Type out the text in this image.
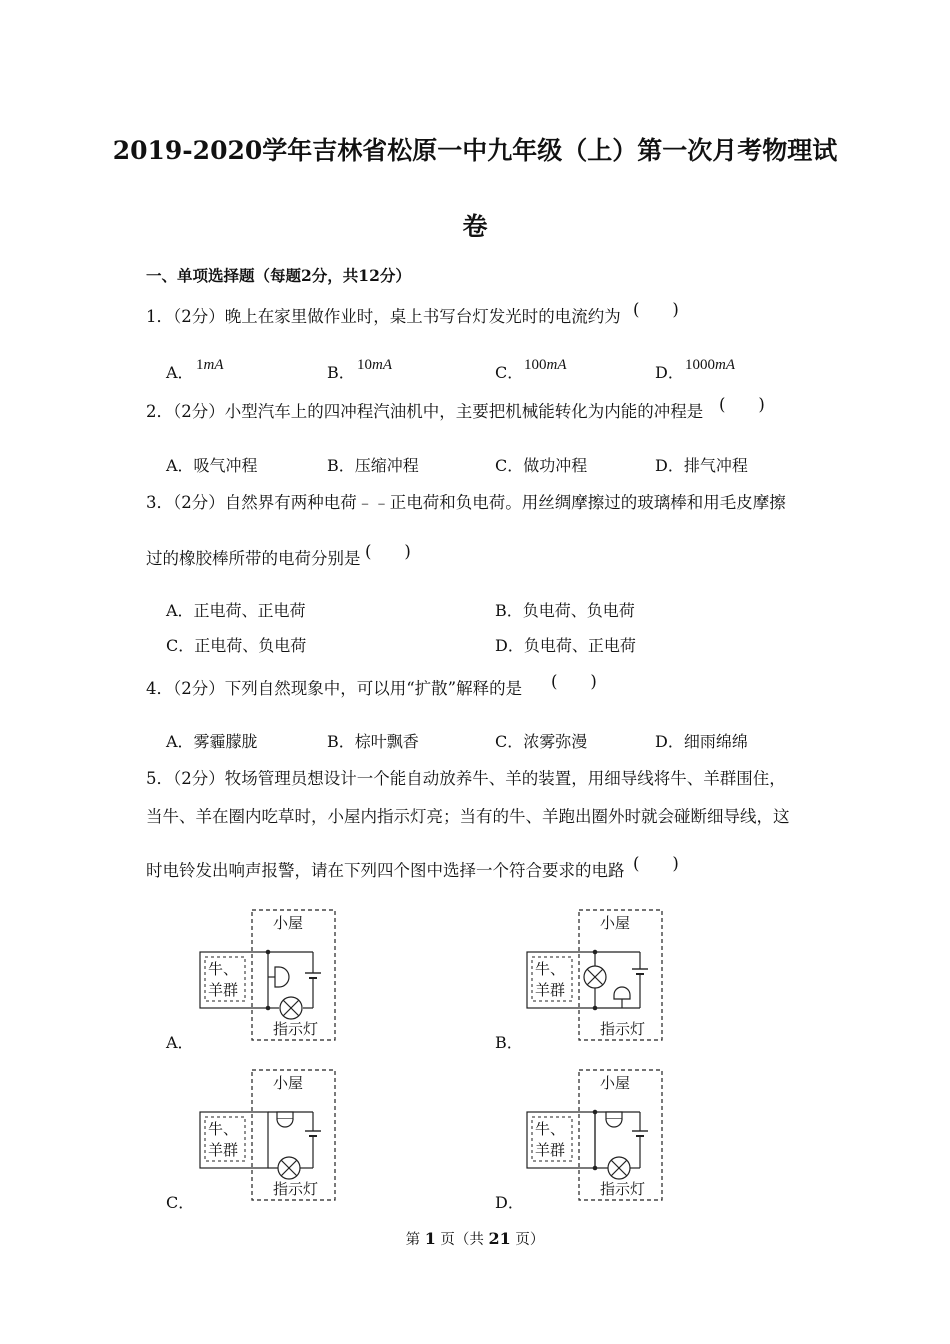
2019-2020学年吉林省松原一中九年级（上）第一次月考物理试
卷
一、单项选择题（每题2分，共12分）
1．（2分）晚上在家里做作业时，桌上书写台灯发光时的电流约为 (　　)
A． 1mA	B． 10mA	C． 100mA	D． 1000mA
2．（2分）小型汽车上的四冲程汽油机中，主要把机械能转化为内能的冲程是 (　　)
A．吸气冲程	B．压缩冲程	C．做功冲程	D．排气冲程
3．（2分）自然界有两种电荷﹣﹣正电荷和负电荷。用丝绸摩擦过的玻璃棒和用毛皮摩擦
过的橡胶棒所带的电荷分别是 (　　)
A．正电荷、正电荷	B．负电荷、负电荷
C．正电荷、负电荷	D．负电荷、正电荷
4．（2分）下列自然现象中，可以用“扩散”解释的是 (　　)
A．雾霾朦胧	B．棕叶飘香	C．浓雾弥漫	D．细雨绵绵
5．（2分）牧场管理员想设计一个能自动放养牛、羊的装置，用细导线将牛、羊群围住，
当牛、羊在圈内吃草时，小屋内指示灯亮；当有的牛、羊跑出圈外时就会碰断细导线，这
时电铃发出响声报警，请在下列四个图中选择一个符合要求的电路 (　　)
A．	B．
C．	D．
小屋
牛、
羊群
指示灯
小屋
牛、
羊群
指示灯
小屋
牛、
羊群
指示灯
小屋
牛、
羊群
指示灯
第 1 页（共 21 页）
